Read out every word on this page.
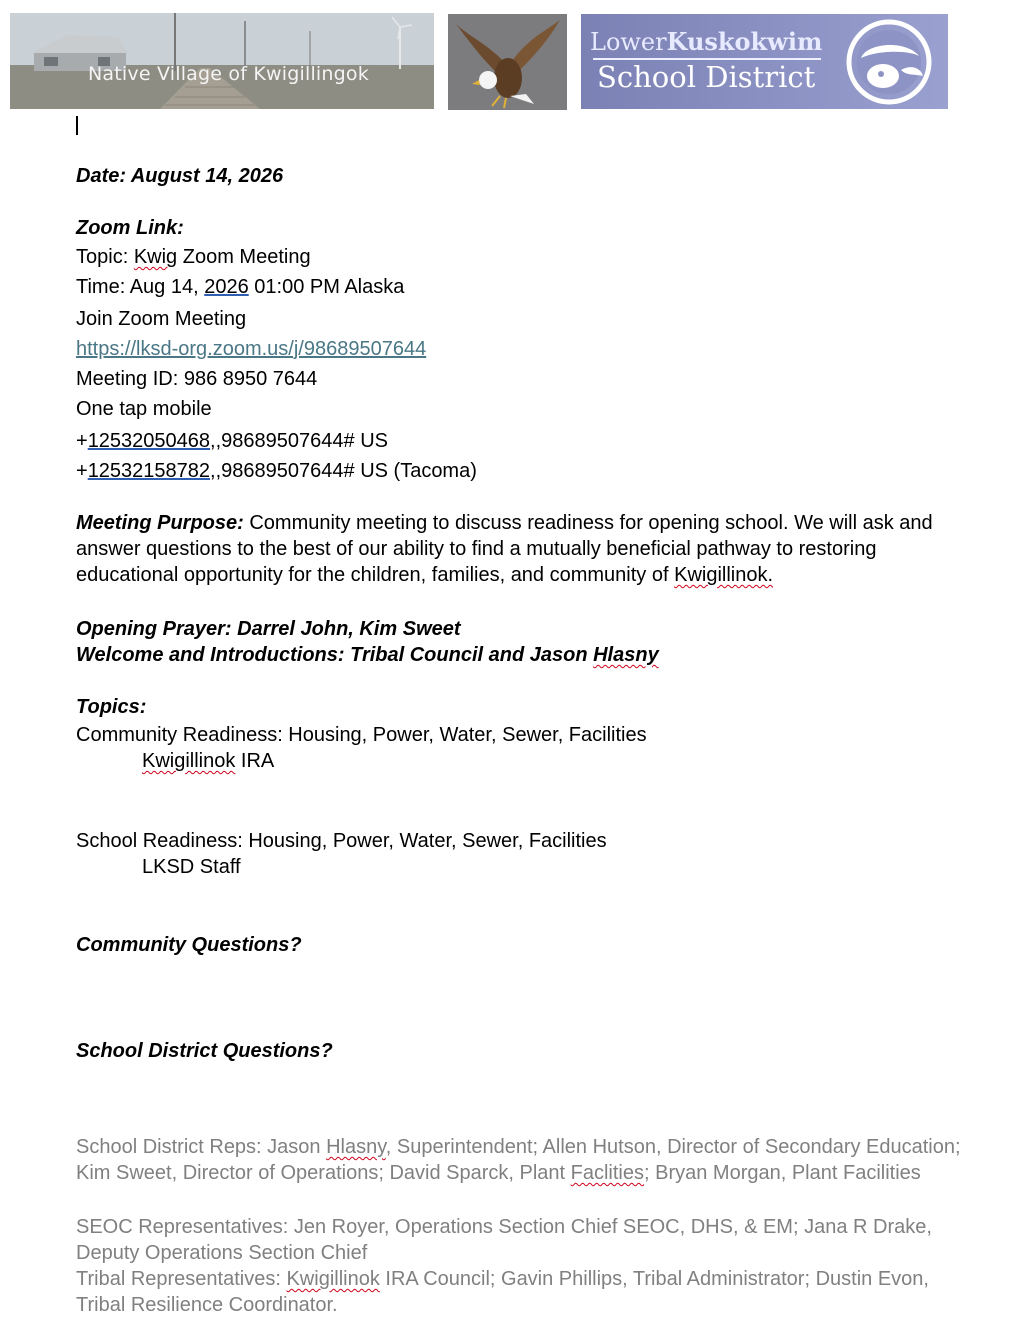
Native Village of Kwigillingok
LowerKuskokwim
School District
Date: August 14, 2026
Zoom Link:
Topic: Kwig Zoom Meeting
Time: Aug 14, 2026 01:00 PM Alaska
Join Zoom Meeting
https://lksd-org.zoom.us/j/98689507644
Meeting ID: 986 8950 7644
One tap mobile
+12532050468,,98689507644# US
+12532158782,,98689507644# US (Tacoma)
Meeting Purpose: Community meeting to discuss readiness for opening school. We will ask and answer questions to the best of our ability to find a mutually beneficial pathway to restoring educational opportunity for the children, families, and community of Kwigillinok.
Opening Prayer: Darrel John, Kim Sweet
Welcome and Introductions: Tribal Council and Jason Hlasny
Topics:
Community Readiness: Housing, Power, Water, Sewer, Facilities
Kwigillinok IRA
School Readiness: Housing, Power, Water, Sewer, Facilities
LKSD Staff
Community Questions?
School District Questions?
School District Reps: Jason Hlasny, Superintendent; Allen Hutson, Director of Secondary Education; Kim Sweet, Director of Operations; David Sparck, Plant Faclities; Bryan Morgan, Plant Facilities
SEOC Representatives: Jen Royer, Operations Section Chief SEOC, DHS, & EM; Jana R Drake, Deputy Operations Section Chief
Tribal Representatives: Kwigillinok IRA Council; Gavin Phillips, Tribal Administrator; Dustin Evon, Tribal Resilience Coordinator.
